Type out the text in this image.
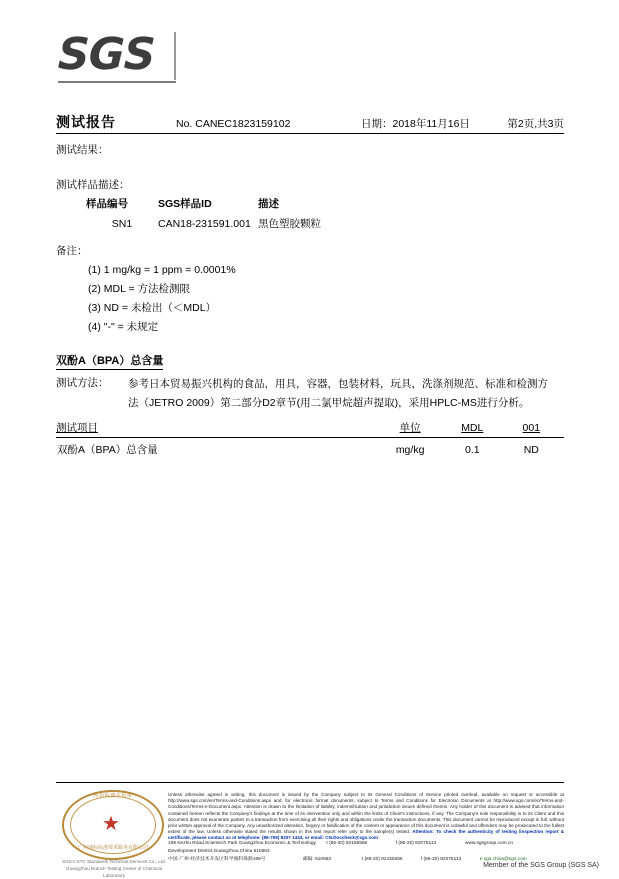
SGS
测试报告	No. CANEC1823159102	日期：2018年11月16日	第2页,共3页
测试结果：
测试样品描述：
样品编号	SGS样品ID	描述
SN1	CAN18-231591.001	黑色塑胶颗粒
备注：
(1) 1 mg/kg = 1 ppm = 0.0001%
(2) MDL = 方法检测限
(3) ND = 未检出（＜MDL）
(4) "-" = 未规定
双酚A（BPA）总含量
测试方法： 参考日本贸易振兴机构的食品，用具，容器，包装材料，玩具，洗涤剂规范、标准和检测方法（JETRO 2009）第二部分D2章节(用二氯甲烷超声提取)，采用HPLC-MS进行分析。
测试项目	单位	MDL	001
双酚A（BPA）总含量	mg/kg	0.1	ND
检验检测专用章
★
广州通标标准技术服务有限公司
SGS-CSTC Standards Technical Services Co., Ltd. Guangzhou Branch Testing Center of Chemical Laboratory
Unless otherwise agreed in writing, this document is issued by the Company subject to its General Conditions of Service printed overleaf, available on request or accessible at http://www.sgs.com/en/Terms-and-Conditions.aspx and, for electronic format documents, subject to Terms and Conditions for Electronic Documents at http://www.sgs.com/en/Terms-and-Conditions/Terms-e-Document.aspx. Attention is drawn to the limitation of liability, indemnification and jurisdiction issues defined therein. Any holder of this document is advised that information contained hereon reflects the Company's findings at the time of its intervention only and within the limits of Client's instructions, if any. The Company's sole responsibility is to its Client and this document does not exonerate parties to a transaction from exercising all their rights and obligations under the transaction documents. This document cannot be reproduced except in full, without prior written approval of the Company. Any unauthorized alteration, forgery or falsification of the content or appearance of this document is unlawful and offenders may be prosecuted to the fullest extent of the law. Unless otherwise stated the results shown in this test report refer only to the sample(s) tested. Attention: To check the authenticity of testing /inspection report & certificate, please contact us at telephone: (86-755) 8307 1443, or email: CN.Doccheck@sgs.com
198 Kezhu Road,Scientech Park Guangzhou Economic & Technology Development District,Guangzhou,China 510663
t (86-20) 82155555	f (86-20) 82075113	www.sgsgroup.com.cn
中国·广州·经济技术开发区科学城科珠路198号	邮编: 510663	t (86-20) 82155555	f (86-20) 82075113	e sgs.china@sgs.com
Member of the SGS Group (SGS SA)
